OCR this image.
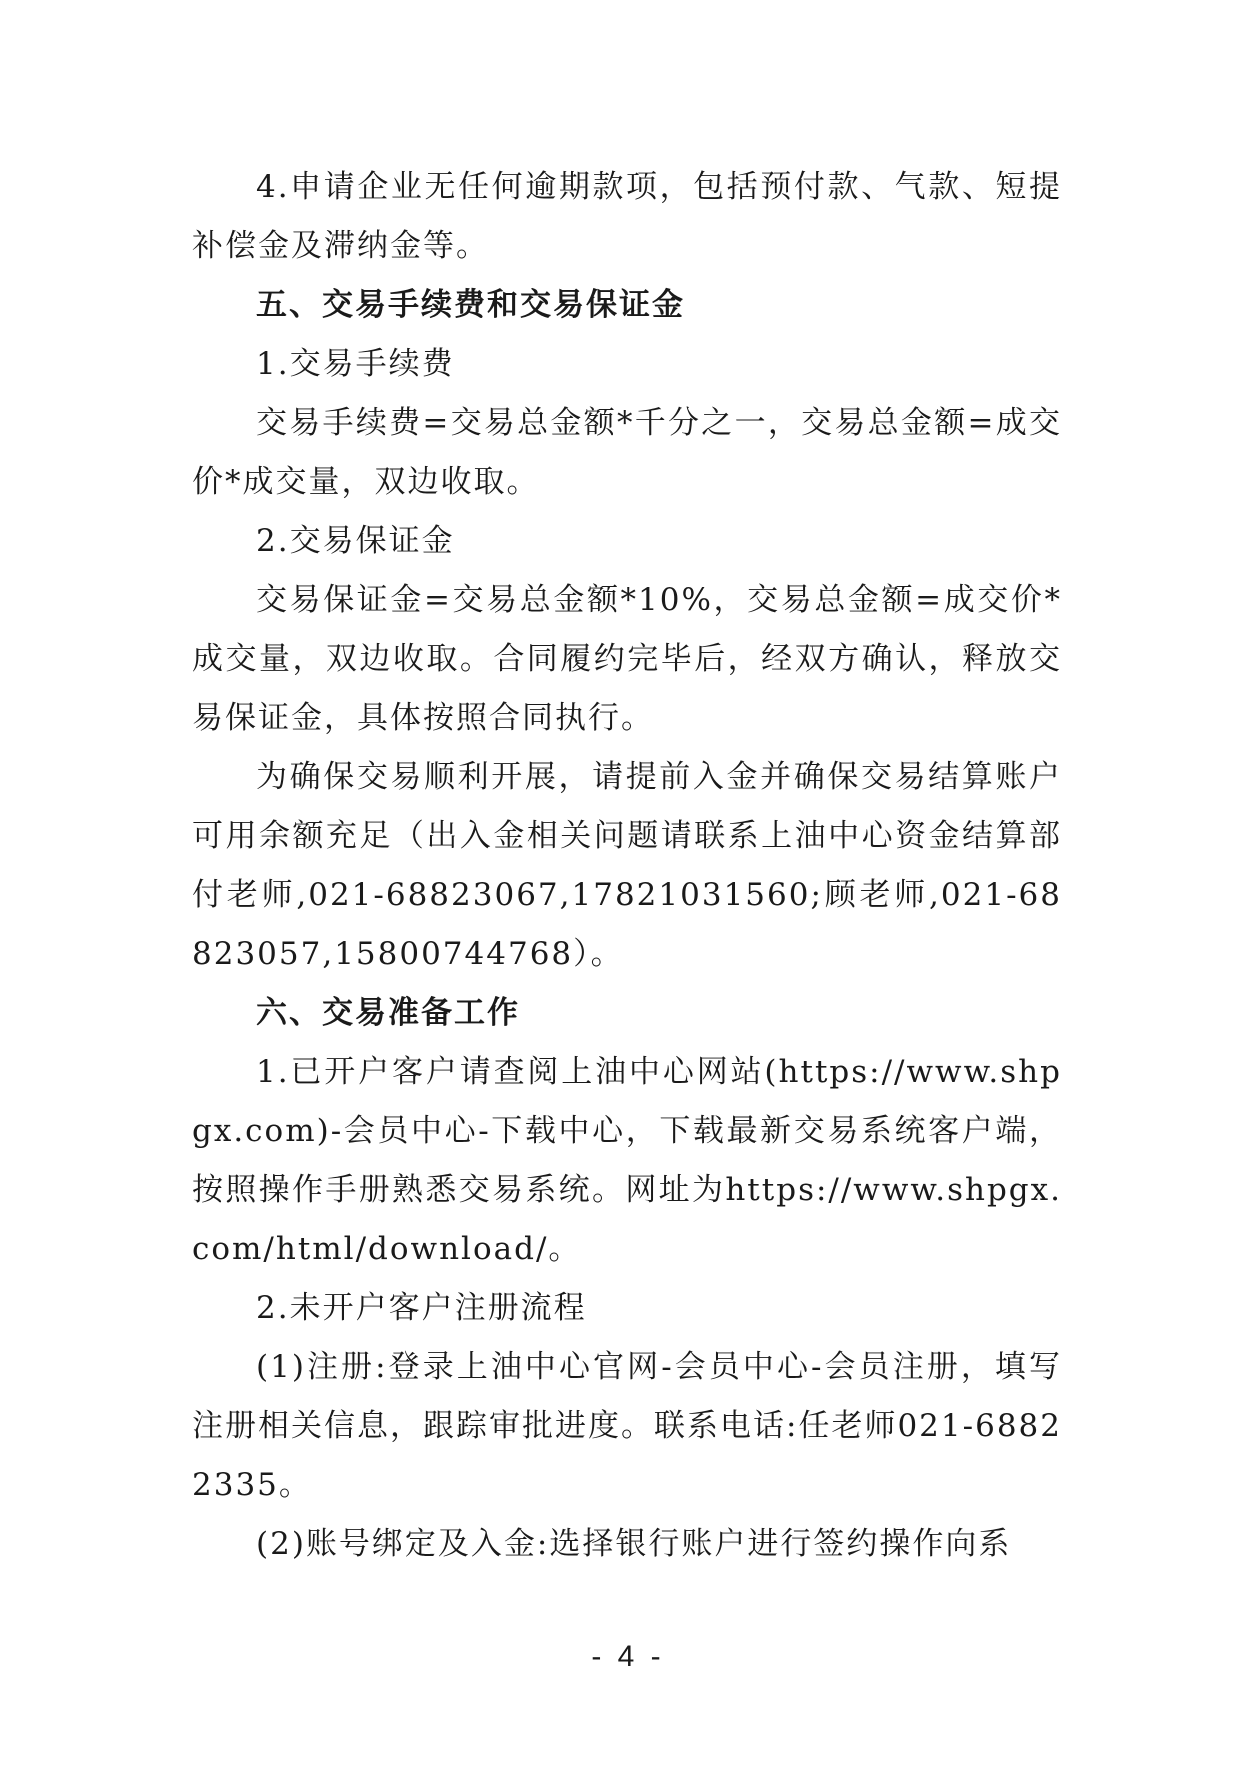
4.申请企业无任何逾期款项，包括预付款、气款、短提补偿金及滞纳金等。

五、交易手续费和交易保证金

1.交易手续费

交易手续费=交易总金额*千分之一，交易总金额=成交价*成交量，双边收取。

2.交易保证金

交易保证金=交易总金额*10%，交易总金额=成交价*成交量，双边收取。合同履约完毕后，经双方确认，释放交易保证金，具体按照合同执行。

为确保交易顺利开展，请提前入金并确保交易结算账户可用余额充足（出入金相关问题请联系上油中心资金结算部付老师,021-68823067,17821031560;顾老师,021-68823057,15800744768）。

六、交易准备工作

1.已开户客户请查阅上油中心网站(https://www.shpgx.com)-会员中心-下载中心，下载最新交易系统客户端，按照操作手册熟悉交易系统。网址为https://www.shpgx.com/html/download/。

2.未开户客户注册流程

(1)注册:登录上油中心官网-会员中心-会员注册，填写注册相关信息，跟踪审批进度。联系电话:任老师021-68822335。

(2)账号绑定及入金:选择银行账户进行签约操作向系

- 4 -
